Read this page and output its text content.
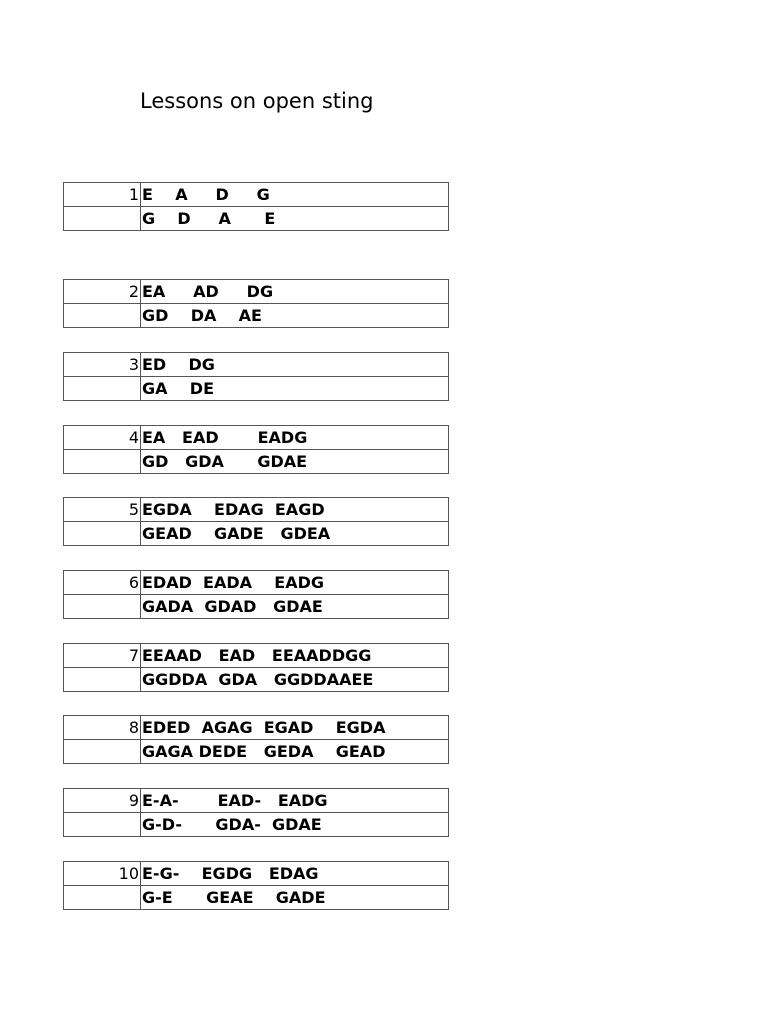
Lessons on open sting
1	E    A     D     G
	G    D     A      E
2	EA     AD     DG
	GD    DA    AE
3	ED    DG
	GA    DE
4	EA   EAD       EADG
	GD   GDA      GDAE
5	EGDA    EDAG  EAGD
	GEAD    GADE   GDEA
6	EDAD  EADA    EADG
	GADA  GDAD   GDAE
7	EEAAD   EAD   EEAADDGG
	GGDDA  GDA   GGDDAAEE
8	EDED  AGAG  EGAD    EGDA
	GAGA DEDE   GEDA    GEAD
9	E-A-       EAD-   EADG
	G-D-      GDA-  GDAE
10	E-G-    EGDG   EDAG
	G-E      GEAE    GADE
